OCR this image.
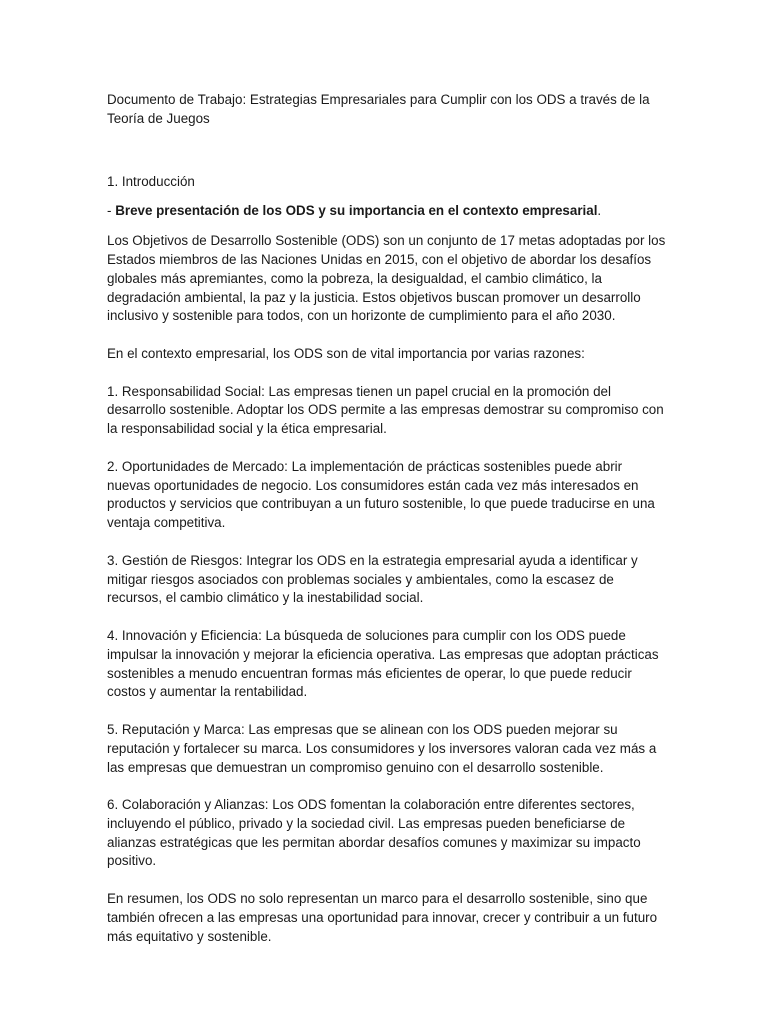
Documento de Trabajo: Estrategias Empresariales para Cumplir con los ODS a través de la Teoría de Juegos

1. Introducción

- Breve presentación de los ODS y su importancia en el contexto empresarial.

Los Objetivos de Desarrollo Sostenible (ODS) son un conjunto de 17 metas adoptadas por los Estados miembros de las Naciones Unidas en 2015, con el objetivo de abordar los desafíos globales más apremiantes, como la pobreza, la desigualdad, el cambio climático, la degradación ambiental, la paz y la justicia. Estos objetivos buscan promover un desarrollo inclusivo y sostenible para todos, con un horizonte de cumplimiento para el año 2030.

En el contexto empresarial, los ODS son de vital importancia por varias razones:

1. Responsabilidad Social: Las empresas tienen un papel crucial en la promoción del desarrollo sostenible. Adoptar los ODS permite a las empresas demostrar su compromiso con la responsabilidad social y la ética empresarial.

2. Oportunidades de Mercado: La implementación de prácticas sostenibles puede abrir nuevas oportunidades de negocio. Los consumidores están cada vez más interesados en productos y servicios que contribuyan a un futuro sostenible, lo que puede traducirse en una ventaja competitiva.

3. Gestión de Riesgos: Integrar los ODS en la estrategia empresarial ayuda a identificar y mitigar riesgos asociados con problemas sociales y ambientales, como la escasez de recursos, el cambio climático y la inestabilidad social.

4. Innovación y Eficiencia: La búsqueda de soluciones para cumplir con los ODS puede impulsar la innovación y mejorar la eficiencia operativa. Las empresas que adoptan prácticas sostenibles a menudo encuentran formas más eficientes de operar, lo que puede reducir costos y aumentar la rentabilidad.

5. Reputación y Marca: Las empresas que se alinean con los ODS pueden mejorar su reputación y fortalecer su marca. Los consumidores y los inversores valoran cada vez más a las empresas que demuestran un compromiso genuino con el desarrollo sostenible.

6. Colaboración y Alianzas: Los ODS fomentan la colaboración entre diferentes sectores, incluyendo el público, privado y la sociedad civil. Las empresas pueden beneficiarse de alianzas estratégicas que les permitan abordar desafíos comunes y maximizar su impacto positivo.

En resumen, los ODS no solo representan un marco para el desarrollo sostenible, sino que también ofrecen a las empresas una oportunidad para innovar, crecer y contribuir a un futuro más equitativo y sostenible.
